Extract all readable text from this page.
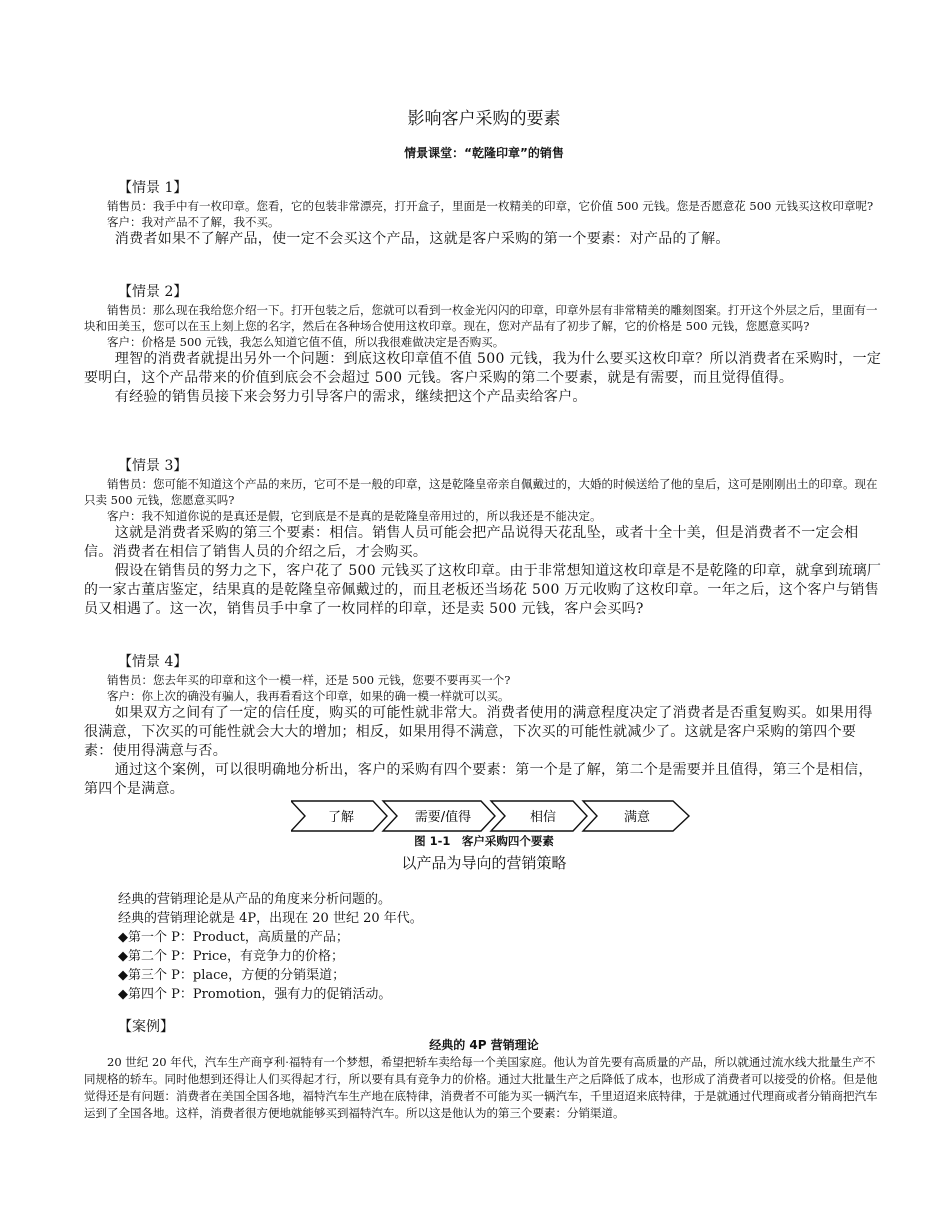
影响客户采购的要素
情景课堂：“乾隆印章”的销售
【情景 1】
销售员：我手中有一枚印章。您看，它的包装非常漂亮，打开盒子，里面是一枚精美的印章，它价值 500 元钱。您是否愿意花 500 元钱买这枚印章呢?
客户：我对产品不了解，我不买。
消费者如果不了解产品，使一定不会买这个产品，这就是客户采购的第一个要素：对产品的了解。
【情景 2】
销售员：那么现在我给您介绍一下。打开包装之后，您就可以看到一枚金光闪闪的印章，印章外层有非常精美的雕刻图案。打开这个外层之后，里面有一块和田美玉，您可以在玉上刻上您的名字，然后在各种场合使用这枚印章。现在，您对产品有了初步了解，它的价格是 500 元钱，您愿意买吗?
客户：价格是 500 元钱，我怎么知道它值不值，所以我很难做决定是否购买。
理智的消费者就提出另外一个问题：到底这枚印章值不值 500 元钱，我为什么要买这枚印章？所以消费者在采购时，一定要明白，这个产品带来的价值到底会不会超过 500 元钱。客户采购的第二个要素，就是有需要，而且觉得值得。
有经验的销售员接下来会努力引导客户的需求，继续把这个产品卖给客户。
【情景 3】
销售员：您可能不知道这个产品的来历，它可不是一般的印章，这是乾隆皇帝亲自佩戴过的，大婚的时候送给了他的皇后，这可是刚刚出土的印章。现在只卖 500 元钱，您愿意买吗?
客户：我不知道你说的是真还是假，它到底是不是真的是乾隆皇帝用过的，所以我还是不能决定。
这就是消费者采购的第三个要素：相信。销售人员可能会把产品说得天花乱坠，或者十全十美，但是消费者不一定会相信。消费者在相信了销售人员的介绍之后，才会购买。
假设在销售员的努力之下，客户花了 500 元钱买了这枚印章。由于非常想知道这枚印章是不是乾隆的印章，就拿到琉璃厂的一家古董店鉴定，结果真的是乾隆皇帝佩戴过的，而且老板还当场花 500 万元收购了这枚印章。一年之后，这个客户与销售员又相遇了。这一次，销售员手中拿了一枚同样的印章，还是卖 500 元钱，客户会买吗?
【情景 4】
销售员：您去年买的印章和这个一模一样，还是 500 元钱，您要不要再买一个?
客户：你上次的确没有骗人，我再看看这个印章，如果的确一模一样就可以买。
如果双方之间有了一定的信任度，购买的可能性就非常大。消费者使用的满意程度决定了消费者是否重复购买。如果用得很满意，下次买的可能性就会大大的增加；相反，如果用得不满意，下次买的可能性就减少了。这就是客户采购的第四个要素：使用得满意与否。
通过这个案例，可以很明确地分析出，客户的采购有四个要素：第一个是了解，第二个是需要并且值得，第三个是相信，第四个是满意。
了解	需要/值得	相信	满意
图 1-1　客户采购四个要素
以产品为导向的营销策略
经典的营销理论是从产品的角度来分析问题的。
经典的营销理论就是 4P，出现在 20 世纪 20 年代。
◆第一个 P：Product，高质量的产品；
◆第二个 P：Price，有竞争力的价格；
◆第三个 P：place，方便的分销渠道；
◆第四个 P：Promotion，强有力的促销活动。
【案例】
经典的 4P 营销理论
20 世纪 20 年代，汽车生产商亨利·福特有一个梦想，希望把轿车卖给每一个美国家庭。他认为首先要有高质量的产品，所以就通过流水线大批量生产不同规格的轿车。同时他想到还得让人们买得起才行，所以要有具有竞争力的价格。通过大批量生产之后降低了成本，也形成了消费者可以接受的价格。但是他觉得还是有问题：消费者在美国全国各地，福特汽车生产地在底特律，消费者不可能为买一辆汽车，千里迢迢来底特律，于是就通过代理商或者分销商把汽车运到了全国各地。这样，消费者很方便地就能够买到福特汽车。所以这是他认为的第三个要素：分销渠道。
